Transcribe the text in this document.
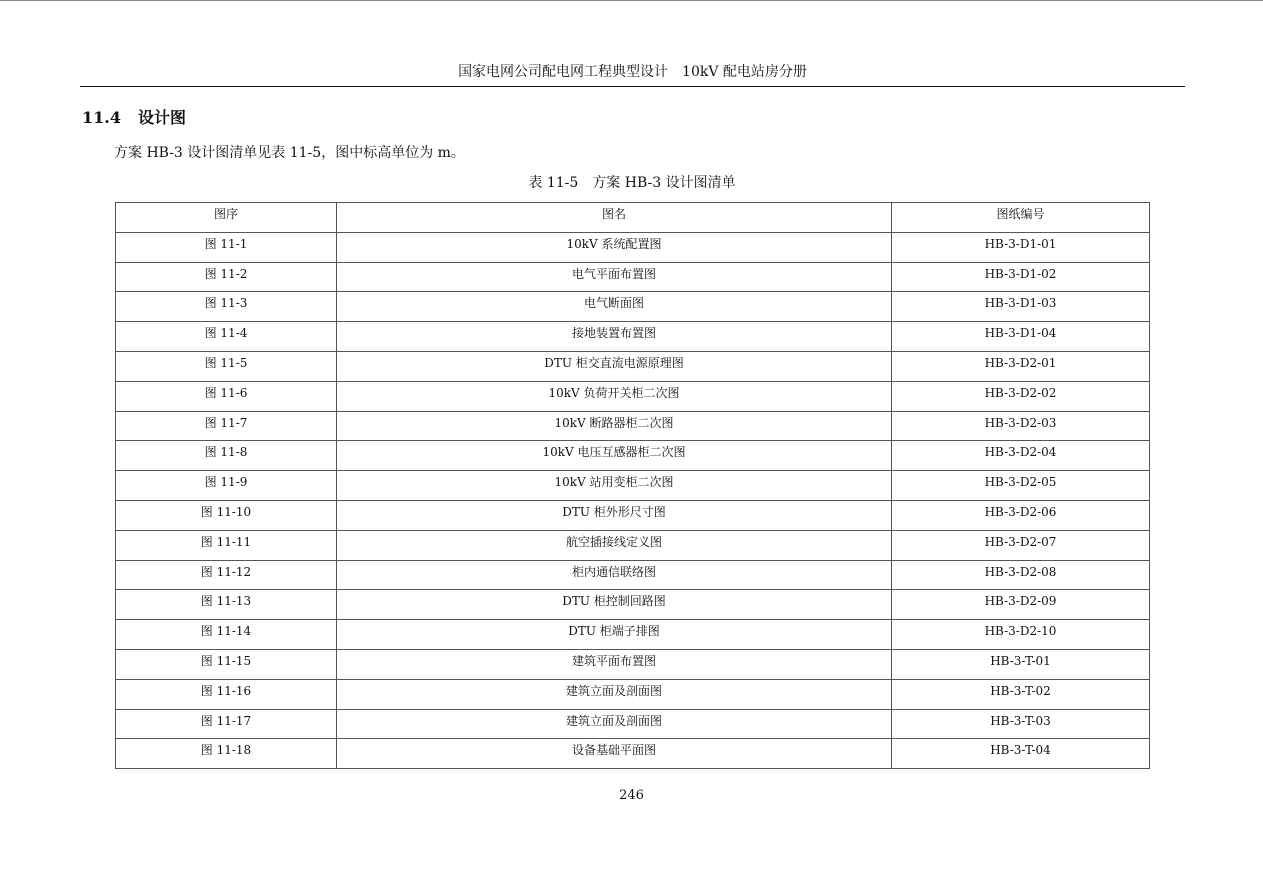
国家电网公司配电网工程典型设计　10kV 配电站房分册
11.4 设计图
方案 HB-3 设计图清单见表 11-5，图中标高单位为 m。
表 11-5　方案 HB-3 设计图清单
图序	图名	图纸编号
图 11-1	10kV 系统配置图	HB-3-D1-01
图 11-2	电气平面布置图	HB-3-D1-02
图 11-3	电气断面图	HB-3-D1-03
图 11-4	接地装置布置图	HB-3-D1-04
图 11-5	DTU 柜交直流电源原理图	HB-3-D2-01
图 11-6	10kV 负荷开关柜二次图	HB-3-D2-02
图 11-7	10kV 断路器柜二次图	HB-3-D2-03
图 11-8	10kV 电压互感器柜二次图	HB-3-D2-04
图 11-9	10kV 站用变柜二次图	HB-3-D2-05
图 11-10	DTU 柜外形尺寸图	HB-3-D2-06
图 11-11	航空插接线定义图	HB-3-D2-07
图 11-12	柜内通信联络图	HB-3-D2-08
图 11-13	DTU 柜控制回路图	HB-3-D2-09
图 11-14	DTU 柜端子排图	HB-3-D2-10
图 11-15	建筑平面布置图	HB-3-T-01
图 11-16	建筑立面及剖面图	HB-3-T-02
图 11-17	建筑立面及剖面图	HB-3-T-03
图 11-18	设备基础平面图	HB-3-T-04
246
